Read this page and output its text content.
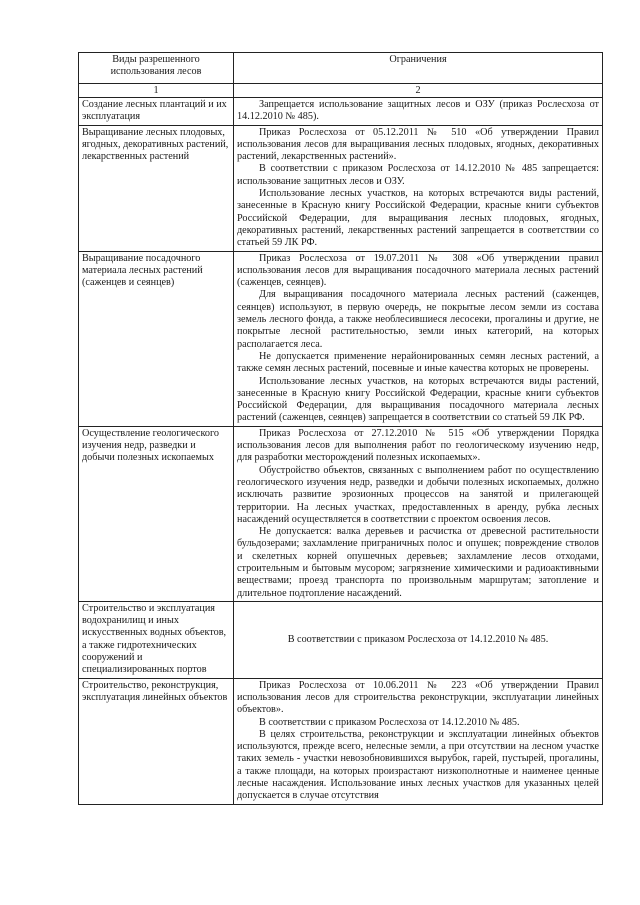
Виды разрешенного использования лесов	Ограничения
1	2
Создание лесных плантаций и их эксплуатация	Запрещается использование защитных лесов и ОЗУ (приказ Рослесхоза от 14.12.2010 № 485).

Выращивание лесных плодовых, ягодных, декоративных растений, лекарственных растений	Приказ Рослесхоза от 05.12.2011 № 510 «Об утверждении Правил использования лесов для выращивания лесных плодовых, ягодных, декоративных растений, лекарственных растений».

В соответствии с приказом Рослесхоза от 14.12.2010 № 485 запрещается: использование защитных лесов и ОЗУ.

Использование лесных участков, на которых встречаются виды растений, занесенные в Красную книгу Российской Федерации, красные книги субъектов Российской Федерации, для выращивания лесных плодовых, ягодных, декоративных растений, лекарственных растений запрещается в соответствии со статьей 59 ЛК РФ.

Выращивание посадочного материала лесных растений (саженцев и сеянцев)	Приказ Рослесхоза от 19.07.2011 № 308 «Об утверждении правил использования лесов для выращивания посадочного материала лесных растений (саженцев, сеянцев).

Для выращивания посадочного материала лесных растений (саженцев, сеянцев) используют, в первую очередь, не покрытые лесом земли из состава земель лесного фонда, а также необлесившиеся лесосеки, прогалины и другие, не покрытые лесной растительностью, земли иных категорий, на которых располагается леса.

Не допускается применение нерайонированных семян лесных растений, а также семян лесных растений, посевные и иные качества которых не проверены.

Использование лесных участков, на которых встречаются виды растений, занесенные в Красную книгу Российской Федерации, красные книги субъектов Российской Федерации, для выращивания посадочного материала лесных растений (саженцев, сеянцев) запрещается в соответствии со статьей 59 ЛК РФ.

Осуществление геологического изучения недр, разведки и добычи полезных ископаемых	Приказ Рослесхоза от 27.12.2010 № 515 «Об утверждении Порядка использования лесов для выполнения работ по геологическому изучению недр, для разработки месторождений полезных ископаемых».

Обустройство объектов, связанных с выполнением работ по осуществлению геологического изучения недр, разведки и добычи полезных ископаемых, должно исключать развитие эрозионных процессов на занятой и прилегающей территории. На лесных участках, предоставленных в аренду, рубка лесных насаждений осуществляется в соответствии с проектом освоения лесов.

Не допускается: валка деревьев и расчистка от древесной растительности бульдозерами; захламление приграничных полос и опушек; повреждение стволов и скелетных корней опушечных деревьев; захламление лесов отходами, строительным и бытовым мусором; загрязнение химическими и радиоактивными веществами; проезд транспорта по произвольным маршрутам; затопление и длительное подтопление насаждений.

Строительство и эксплуатация водохранилищ и иных искусственных водных объектов, а также гидротехнических сооружений и специализированных портов	В соответствии с приказом Рослесхоза от 14.12.2010 № 485.
Строительство, реконструкция, эксплуатация линейных объектов	Приказ Рослесхоза от 10.06.2011 № 223 «Об утверждении Правил использования лесов для строительства реконструкции, эксплуатации линейных объектов».

В соответствии с приказом Рослесхоза от 14.12.2010 № 485.

В целях строительства, реконструкции и эксплуатации линейных объектов используются, прежде всего, нелесные земли, а при отсутствии на лесном участке таких земель - участки невозобновившихся вырубок, гарей, пустырей, прогалины, а также площади, на которых произрастают низкополнотные и наименее ценные лесные насаждения. Использование иных лесных участков для указанных целей допускается в случае отсутствия
